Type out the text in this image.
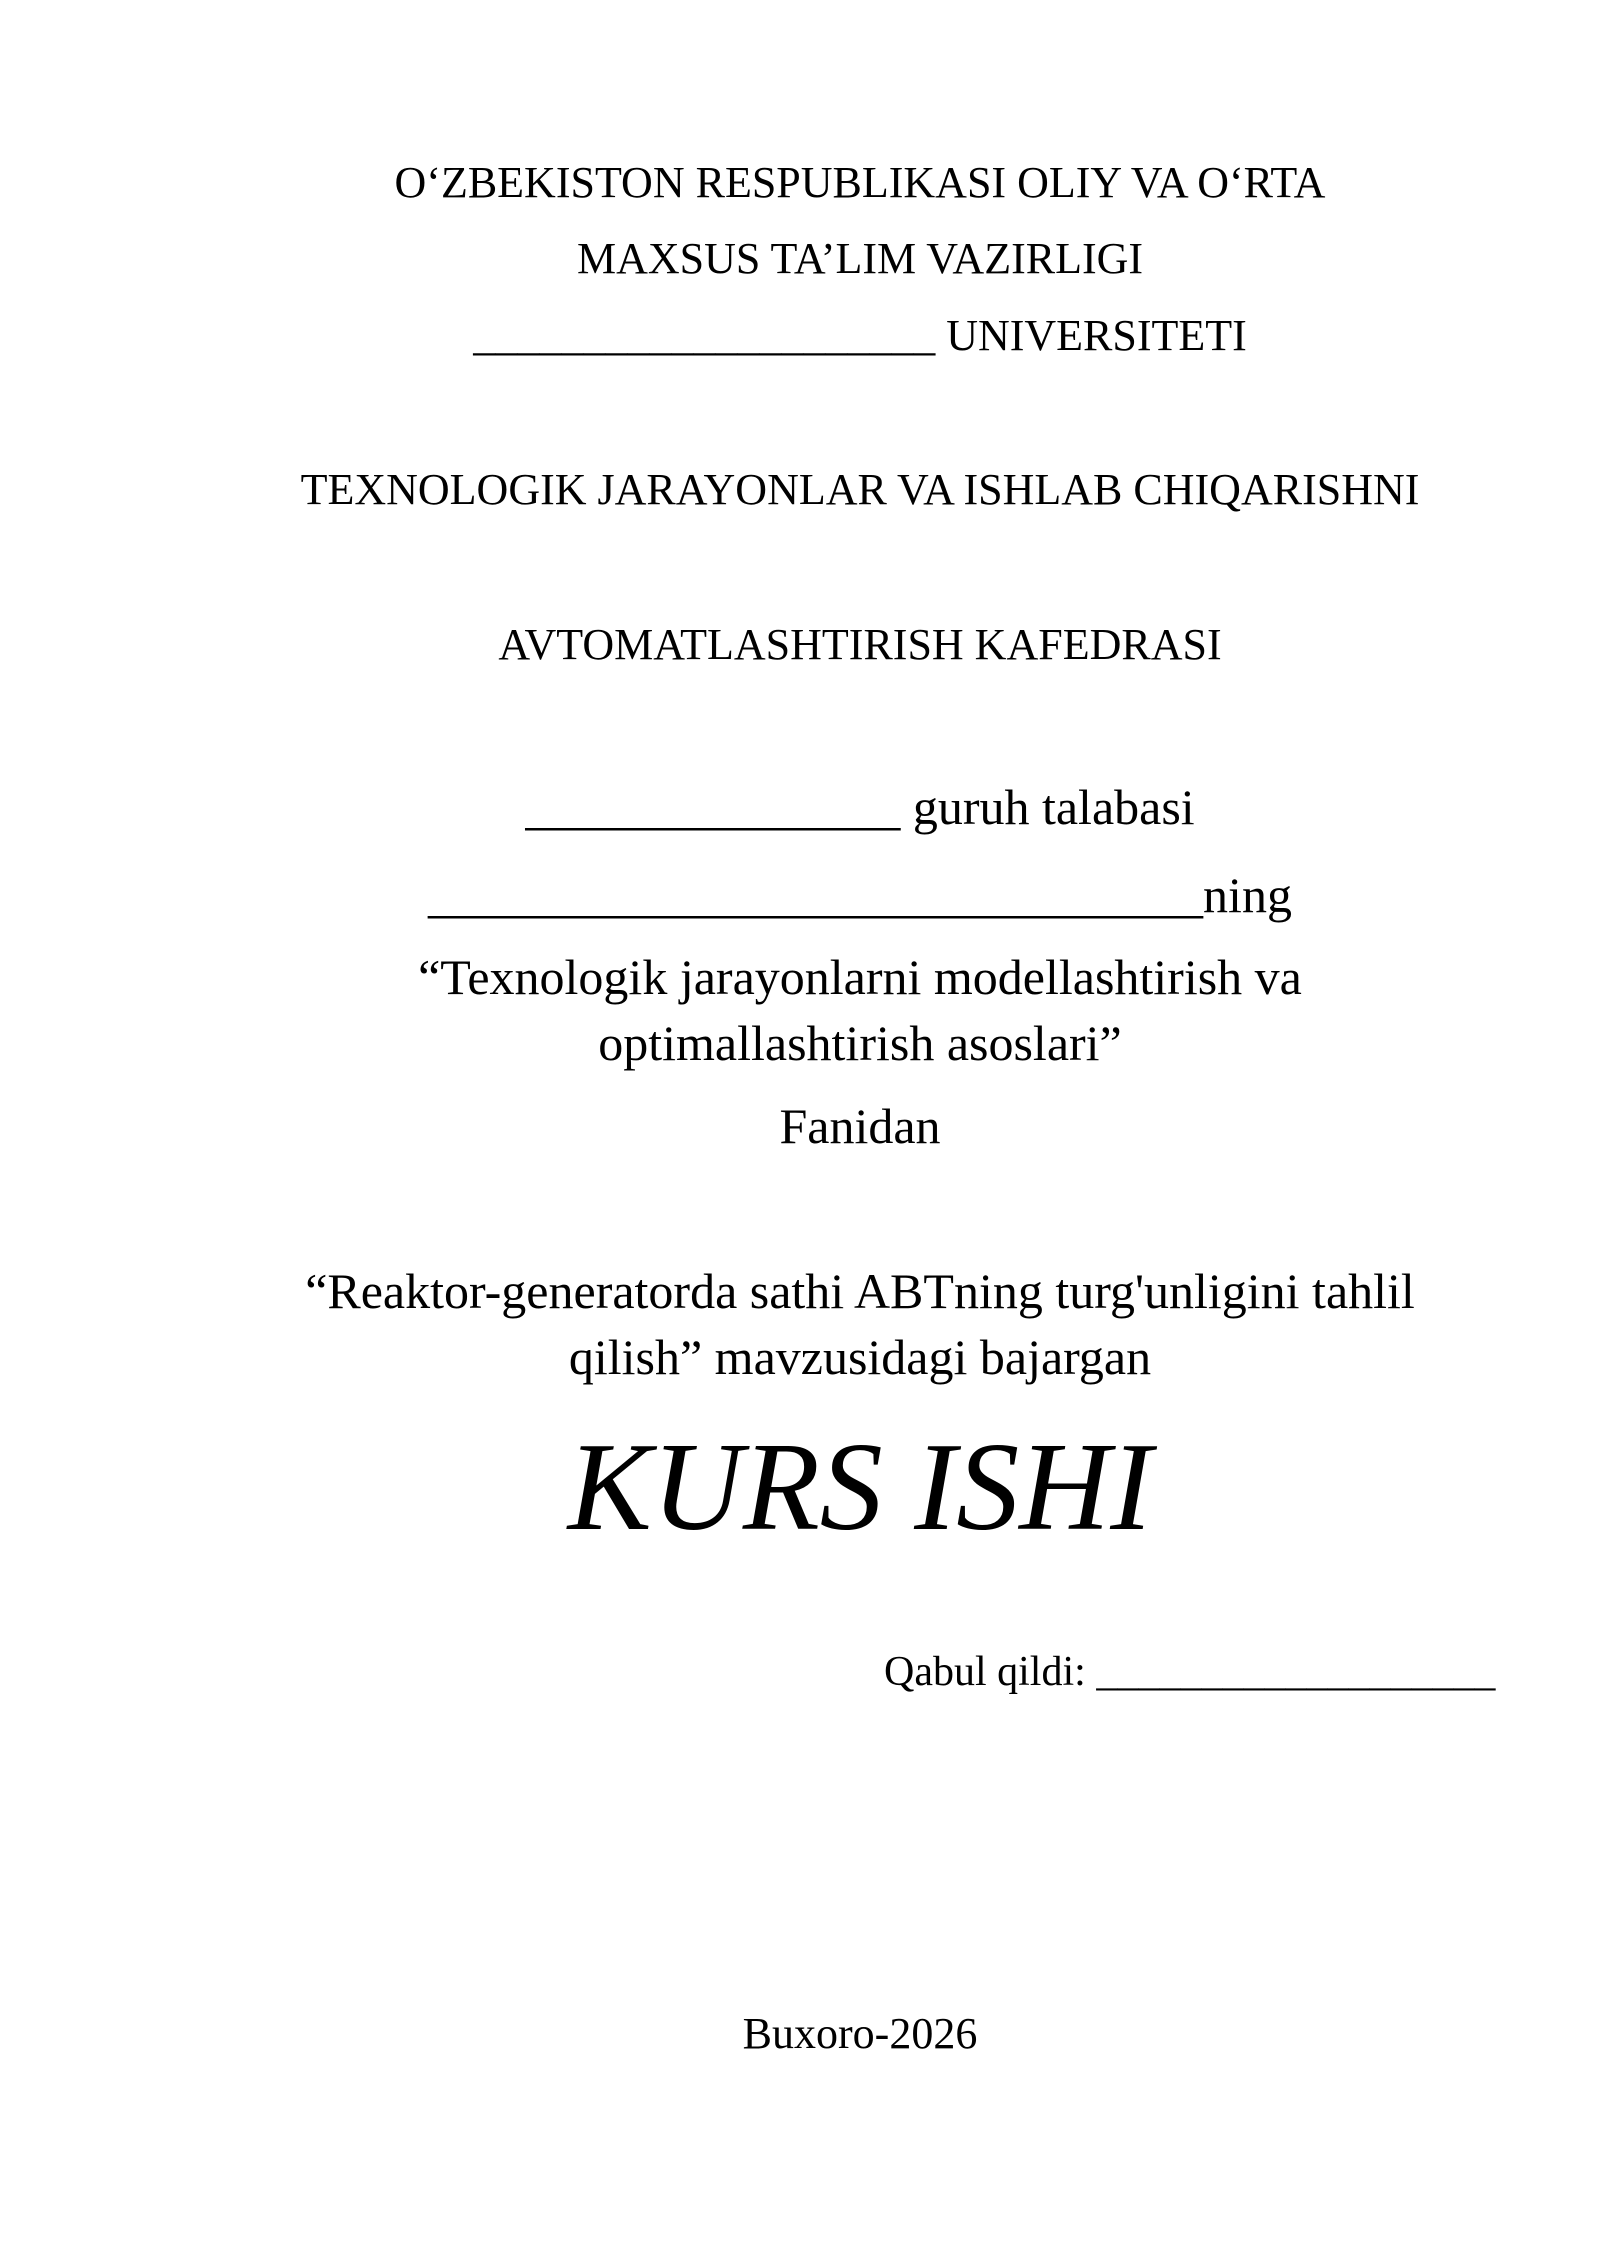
O‘ZBEKISTON RESPUBLIKASI OLIY VA O‘RTA
MAXSUS TA’LIM VAZIRLIGI
_____________________ UNIVERSITETI
TEXNOLOGIK JARAYONLAR VA ISHLAB CHIQARISHNI
AVTOMATLASHTIRISH KAFEDRASI
_______________ guruh talabasi
_______________________________ning
“Texnologik jarayonlarni modellashtirish va
optimallashtirish asoslari”
Fanidan
“Reaktor-generatorda sathi ABTning turg'unligini tahlil
qilish” mavzusidagi bajargan
KURS ISHI
Qabul qildi: ___________________
Buxoro-2026
